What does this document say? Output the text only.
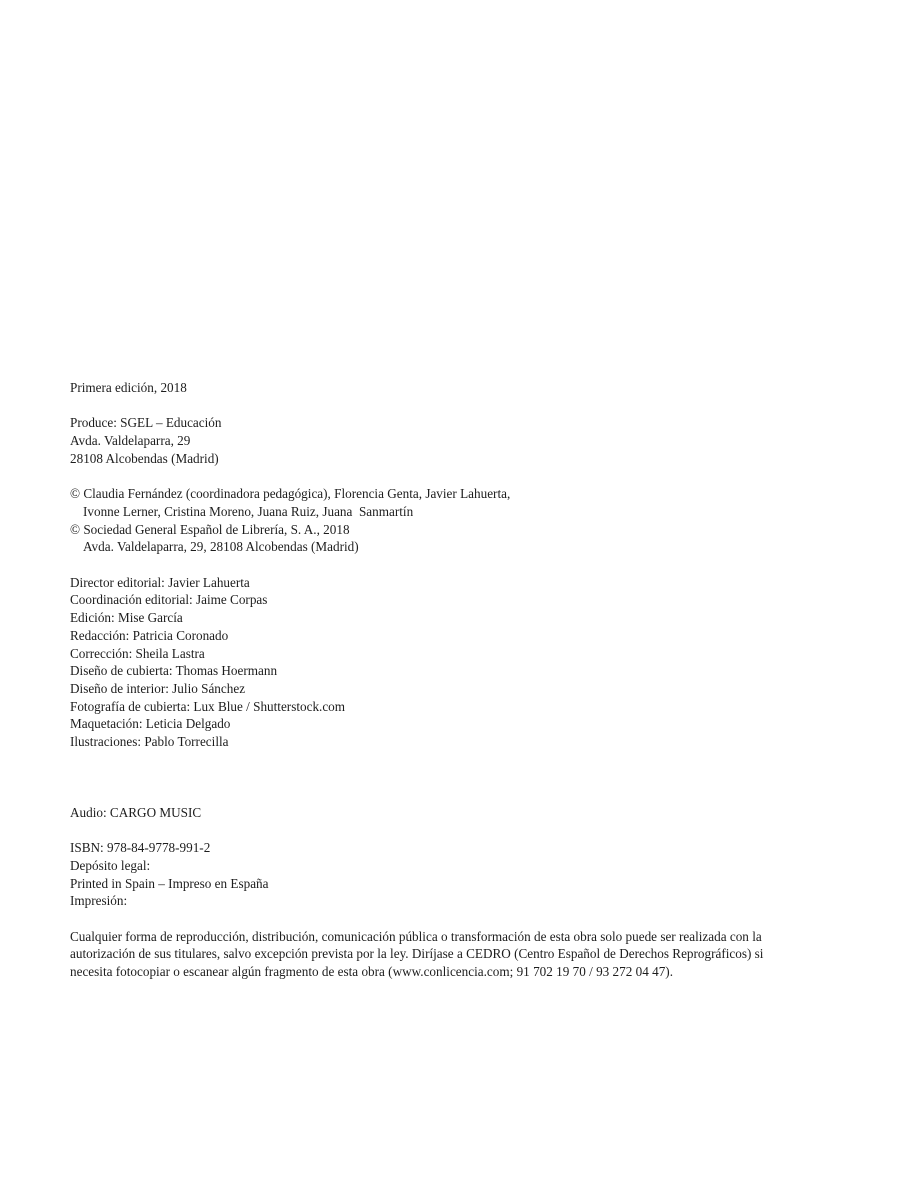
Primera edición, 2018
Produce: SGEL – Educación
Avda. Valdelaparra, 29
28108 Alcobendas (Madrid)
© Claudia Fernández (coordinadora pedagógica), Florencia Genta, Javier Lahuerta,
Ivonne Lerner, Cristina Moreno, Juana Ruiz, Juana  Sanmartín
© Sociedad General Español de Librería, S. A., 2018
Avda. Valdelaparra, 29, 28108 Alcobendas (Madrid)
Director editorial: Javier Lahuerta
Coordinación editorial: Jaime Corpas
Edición: Mise García
Redacción: Patricia Coronado
Corrección: Sheila Lastra
Diseño de cubierta: Thomas Hoermann
Diseño de interior: Julio Sánchez
Fotografía de cubierta: Lux Blue / Shutterstock.com
Maquetación: Leticia Delgado
Ilustraciones: Pablo Torrecilla
Audio: CARGO MUSIC
ISBN: 978-84-9778-991-2
Depósito legal:
Printed in Spain – Impreso en España
Impresión:
Cualquier forma de reproducción, distribución, comunicación pública o transformación de esta obra solo puede ser realizada con la
autorización de sus titulares, salvo excepción prevista por la ley. Diríjase a CEDRO (Centro Español de Derechos Reprográficos) si
necesita fotocopiar o escanear algún fragmento de esta obra (www.conlicencia.com; 91 702 19 70 / 93 272 04 47).
